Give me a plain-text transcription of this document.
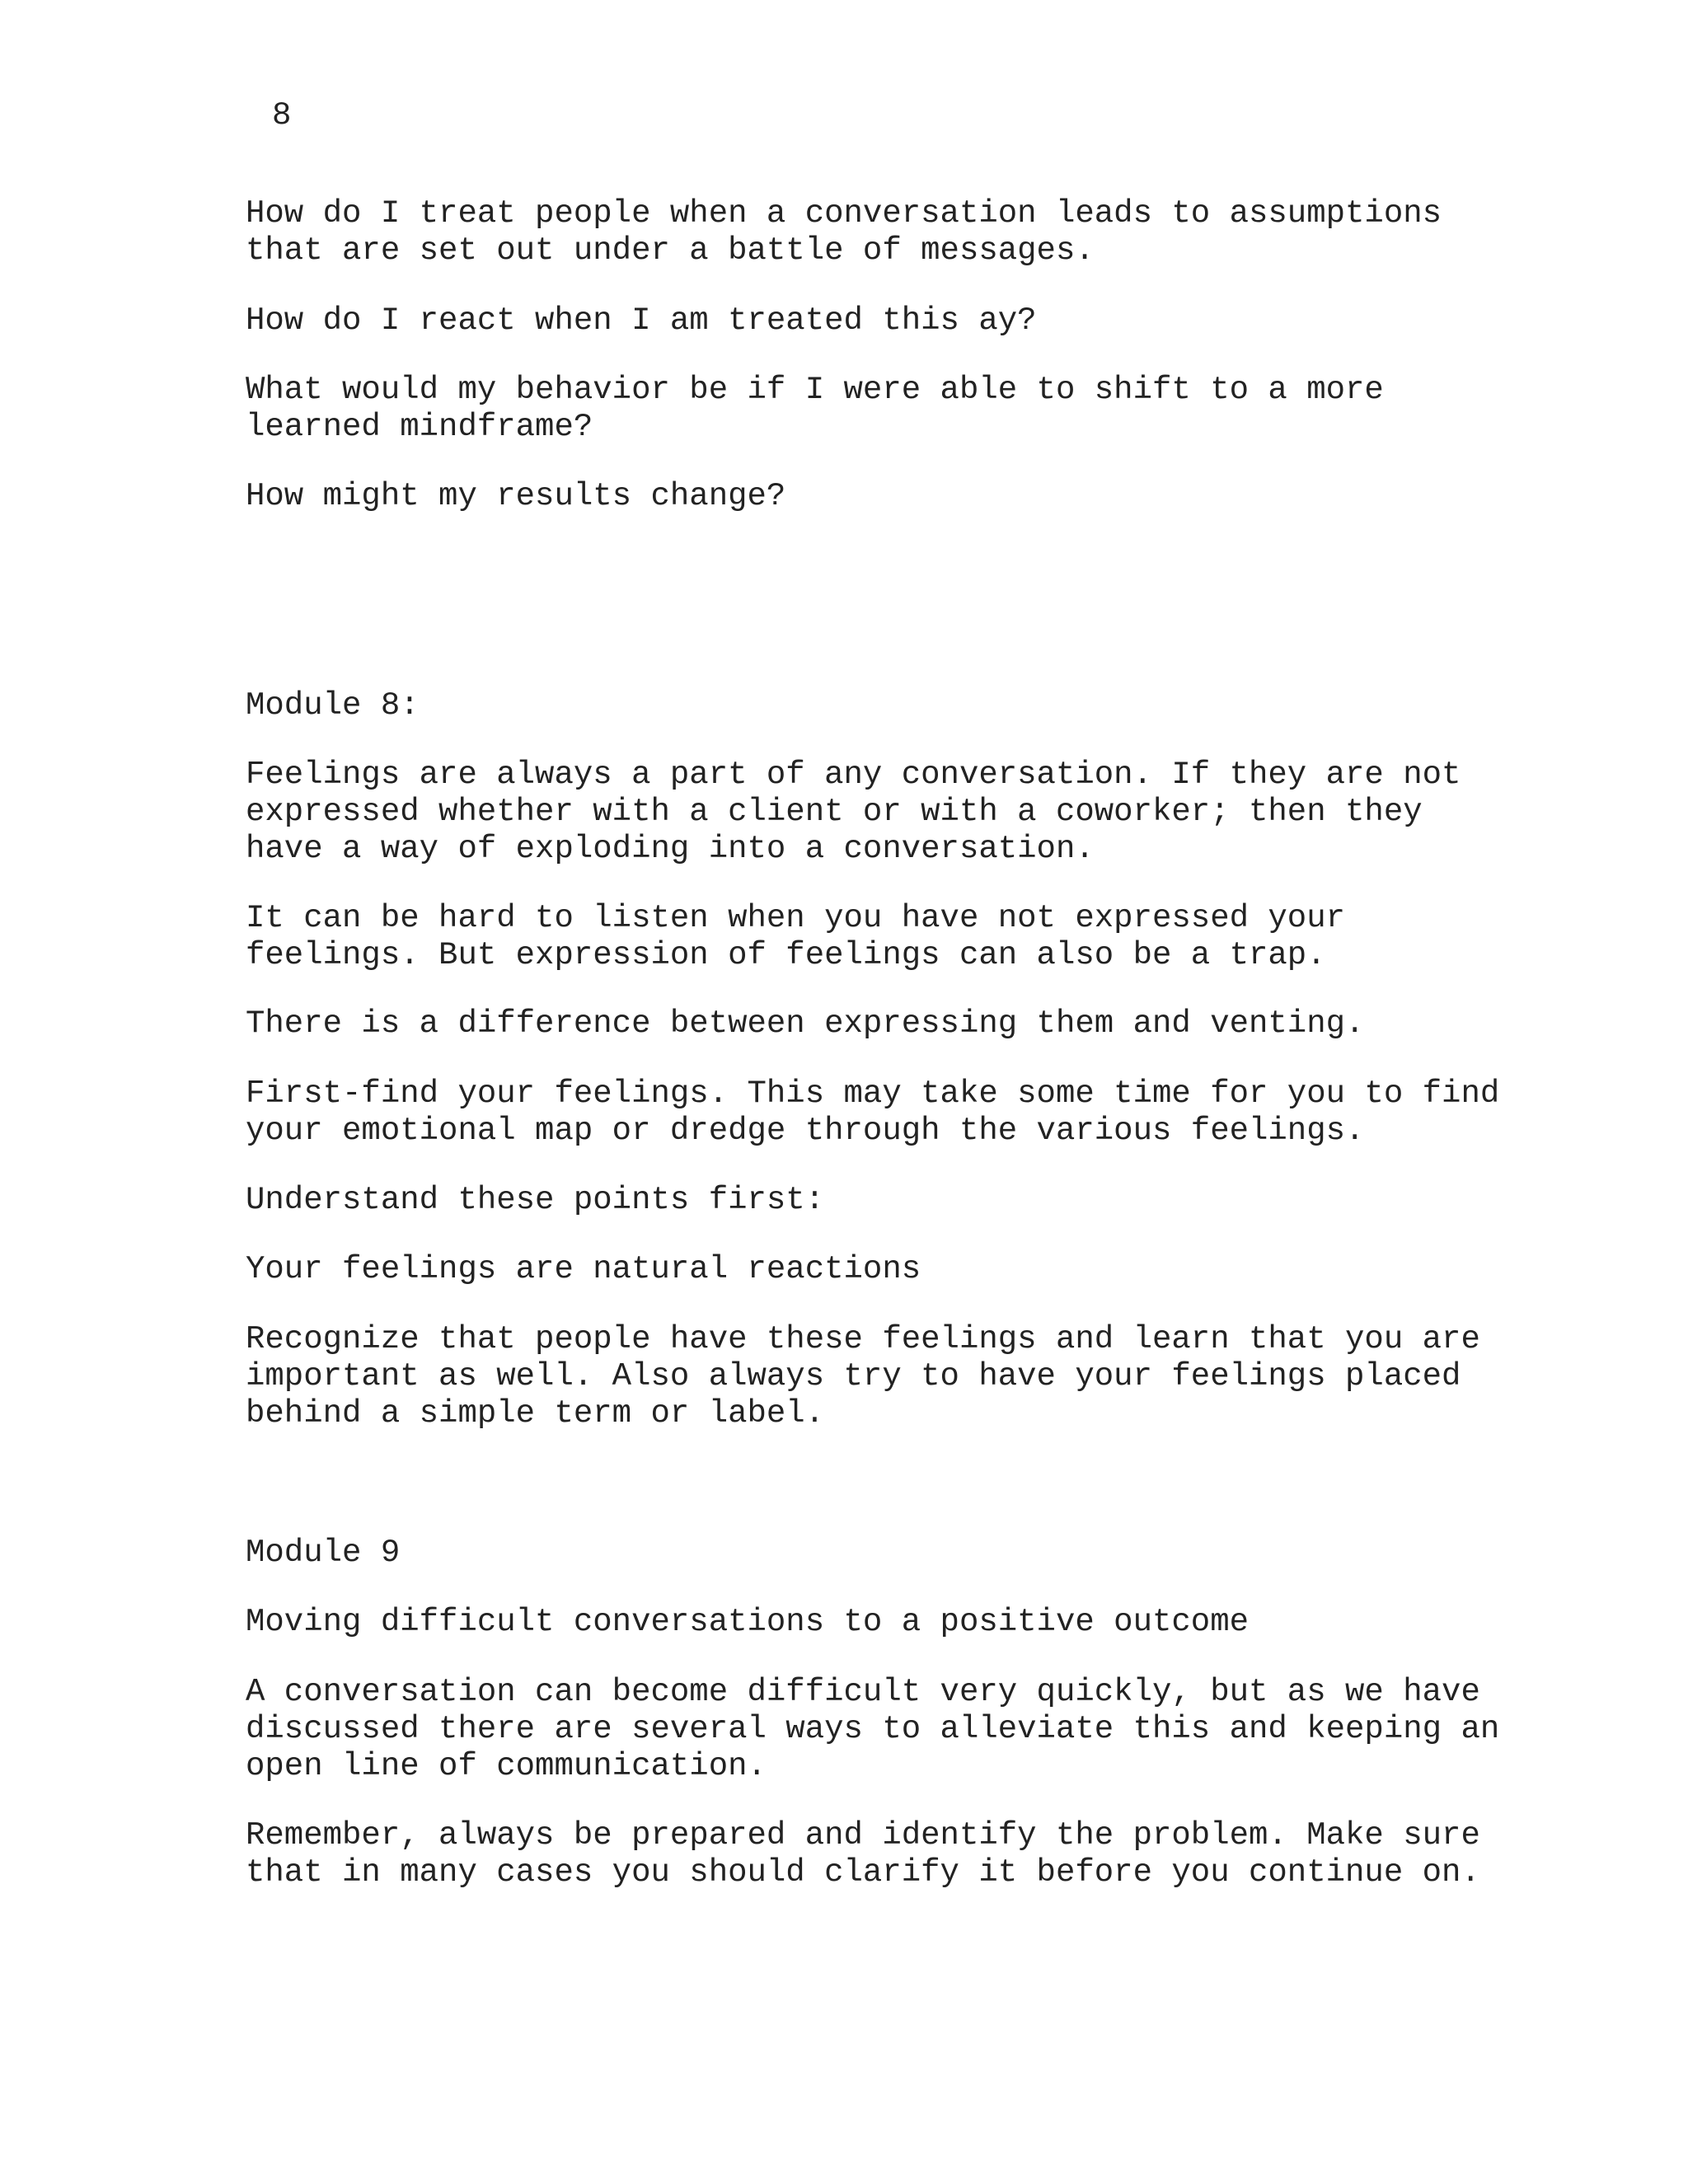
8

How do I treat people when a conversation leads to assumptions
that are set out under a battle of messages.

How do I react when I am treated this ay?

What would my behavior be if I were able to shift to a more
learned mindframe?

How might my results change?

Module 8:

Feelings are always a part of any conversation. If they are not
expressed whether with a client or with a coworker; then they
have a way of exploding into a conversation.

It can be hard to listen when you have not expressed your
feelings. But expression of feelings can also be a trap.

There is a difference between expressing them and venting.

First-find your feelings. This may take some time for you to find
your emotional map or dredge through the various feelings.

Understand these points first:

Your feelings are natural reactions

Recognize that people have these feelings and learn that you are
important as well. Also always try to have your feelings placed
behind a simple term or label.

Module 9

Moving difficult conversations to a positive outcome

A conversation can become difficult very quickly, but as we have
discussed there are several ways to alleviate this and keeping an
open line of communication.

Remember, always be prepared and identify the problem. Make sure
that in many cases you should clarify it before you continue on.
